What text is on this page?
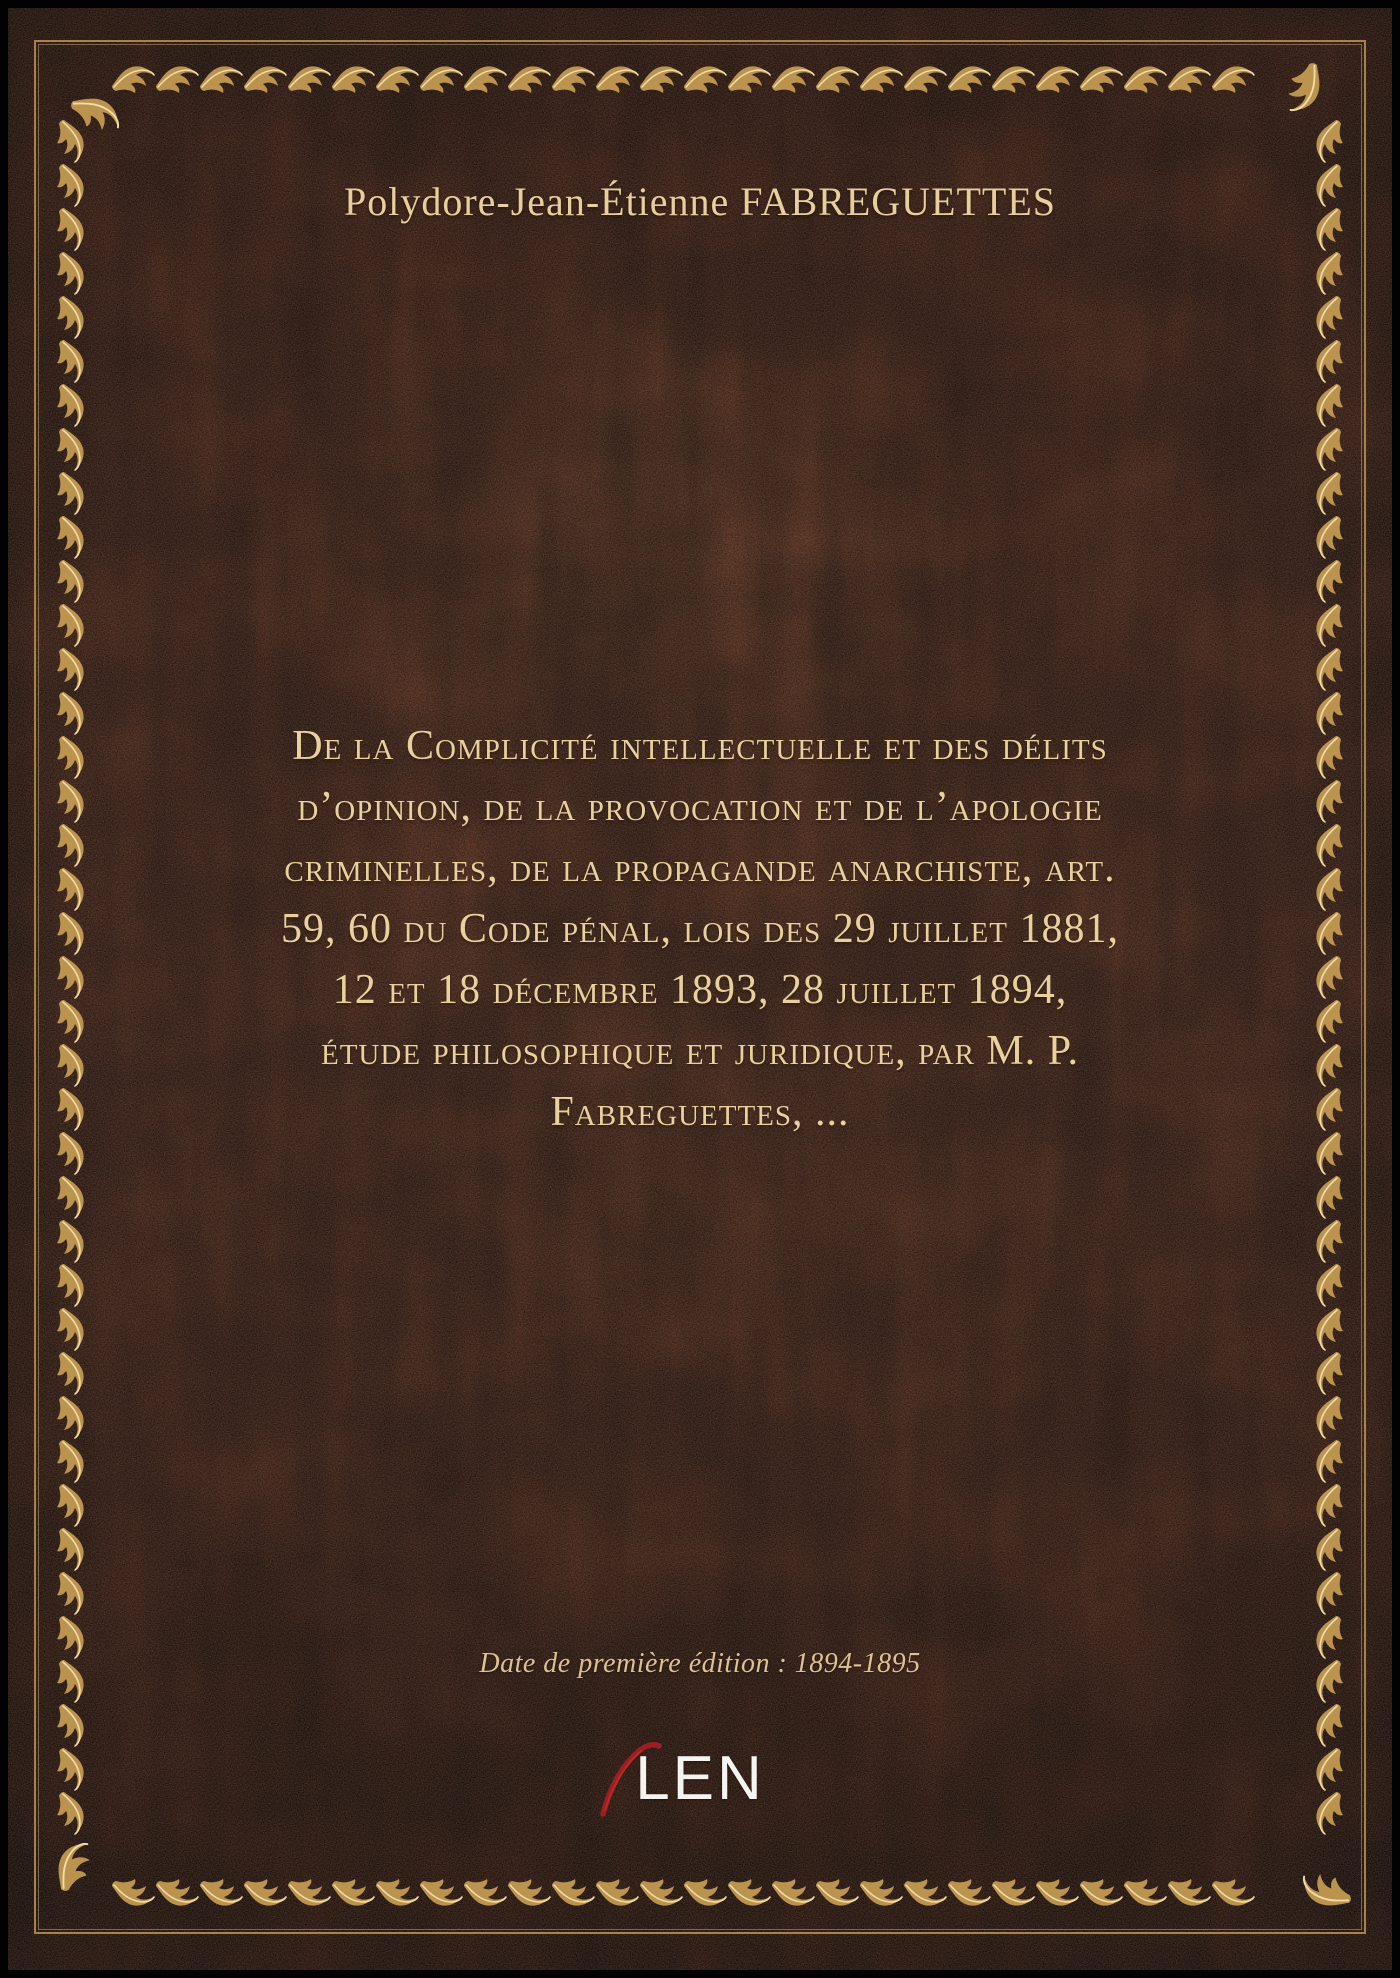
Polydore-Jean-Étienne FABREGUETTES
De la Complicité intellectuelle et des délits
d’opinion, de la provocation et de l’apologie
criminelles, de la propagande anarchiste, art.
59, 60 du Code pénal, lois des 29 juillet 1881,
12 et 18 décembre 1893, 28 juillet 1894,
étude philosophique et juridique, par M. P.
Fabreguettes, ...
Date de première édition : 1894-1895
LEN
